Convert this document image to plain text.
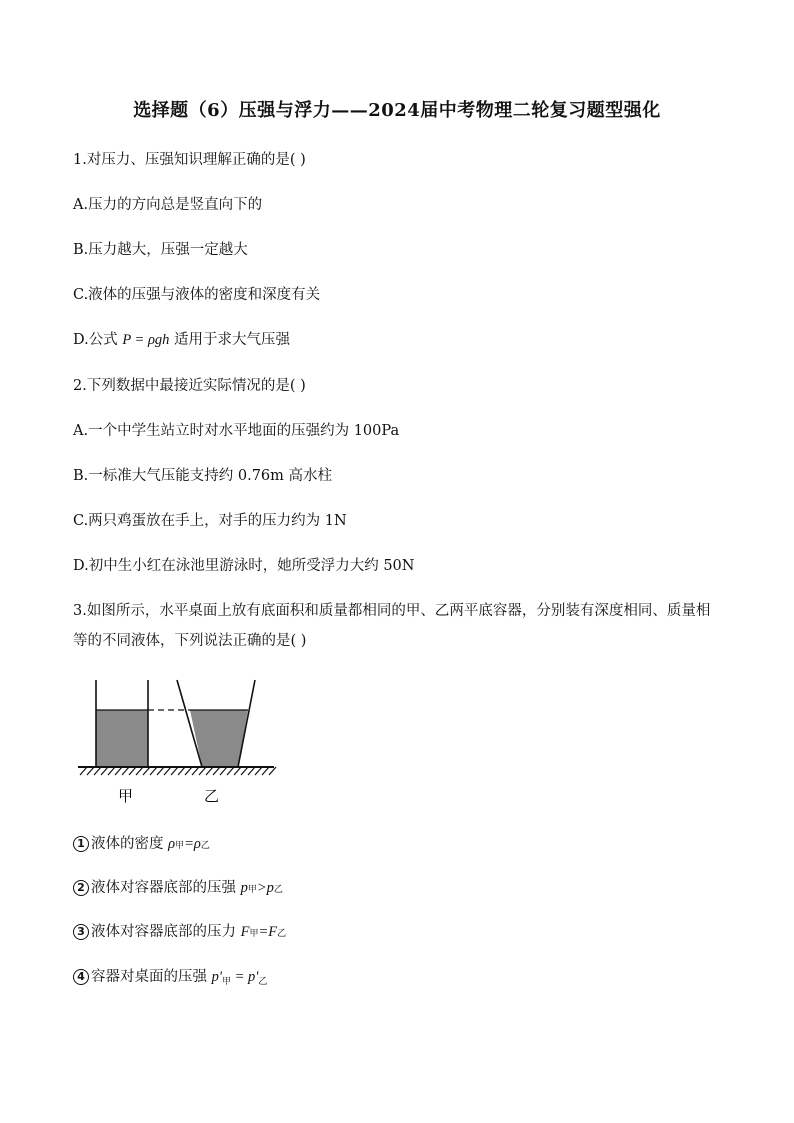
选择题（6）压强与浮力——2024届中考物理二轮复习题型强化
1.对压力、压强知识理解正确的是( )
A.压力的方向总是竖直向下的
B.压力越大，压强一定越大
C.液体的压强与液体的密度和深度有关
D.公式 P = ρgh 适用于求大气压强
2.下列数据中最接近实际情况的是( )
A.一个中学生站立时对水平地面的压强约为 100Pa
B.一标准大气压能支持约 0.76m 高水柱
C.两只鸡蛋放在手上，对手的压力约为 1N
D.初中生小红在泳池里游泳时，她所受浮力大约 50N
3.如图所示，水平桌面上放有底面积和质量都相同的甲、乙两平底容器，分别装有深度相同、质量相等的不同液体，下列说法正确的是( )
甲	乙
1 液体的密度 ρ甲=ρ乙
2 液体对容器底部的压强 p甲>p乙
3 液体对容器底部的压力 F甲=F乙
4 容器对桌面的压强 $p'_甲 = p'_乙$
